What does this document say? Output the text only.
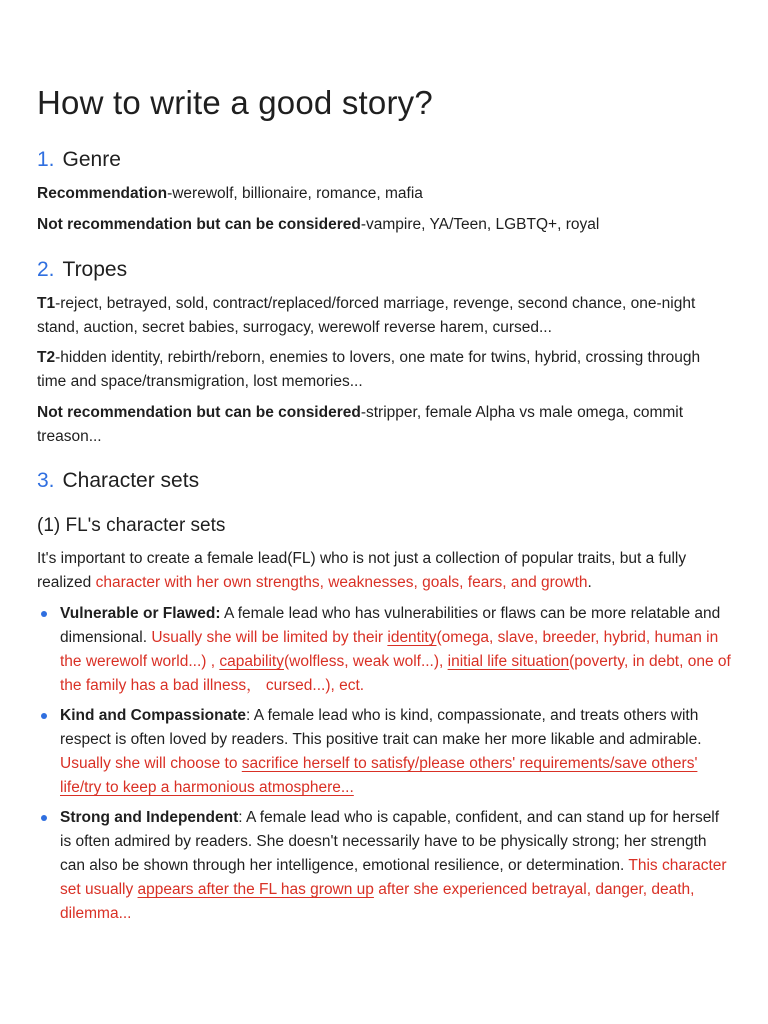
How to write a good story?
1. Genre

Recommendation-werewolf, billionaire, romance, mafia

Not recommendation but can be considered-vampire, YA/Teen, LGBTQ+, royal

2. Tropes

T1-reject, betrayed, sold, contract/replaced/forced marriage, revenge, second chance, one-night stand, auction, secret babies, surrogacy, werewolf reverse harem, cursed...

T2-hidden identity, rebirth/reborn, enemies to lovers, one mate for twins, hybrid, crossing through time and space/transmigration, lost memories...

Not recommendation but can be considered-stripper, female Alpha vs male omega, commit treason...

3. Character sets
(1) FL's character sets

It's important to create a female lead(FL) who is not just a collection of popular traits, but a fully realized character with her own strengths, weaknesses, goals, fears, and growth.

Vulnerable or Flawed: A female lead who has vulnerabilities or flaws can be more relatable and dimensional. Usually she will be limited by their identity(omega, slave, breeder, hybrid, human in the werewolf world...) , capability(wolfless, weak wolf...), initial life situation(poverty, in debt, one of the family has a bad illness， cursed...), ect.

Kind and Compassionate: A female lead who is kind, compassionate, and treats others with respect is often loved by readers. This positive trait can make her more likable and admirable. Usually she will choose to sacrifice herself to satisfy/please others' requirements/save others' life/try to keep a harmonious atmosphere...

Strong and Independent: A female lead who is capable, confident, and can stand up for herself is often admired by readers. She doesn't necessarily have to be physically strong; her strength can also be shown through her intelligence, emotional resilience, or determination. This character set usually appears after the FL has grown up after she experienced betrayal, danger, death, dilemma...
